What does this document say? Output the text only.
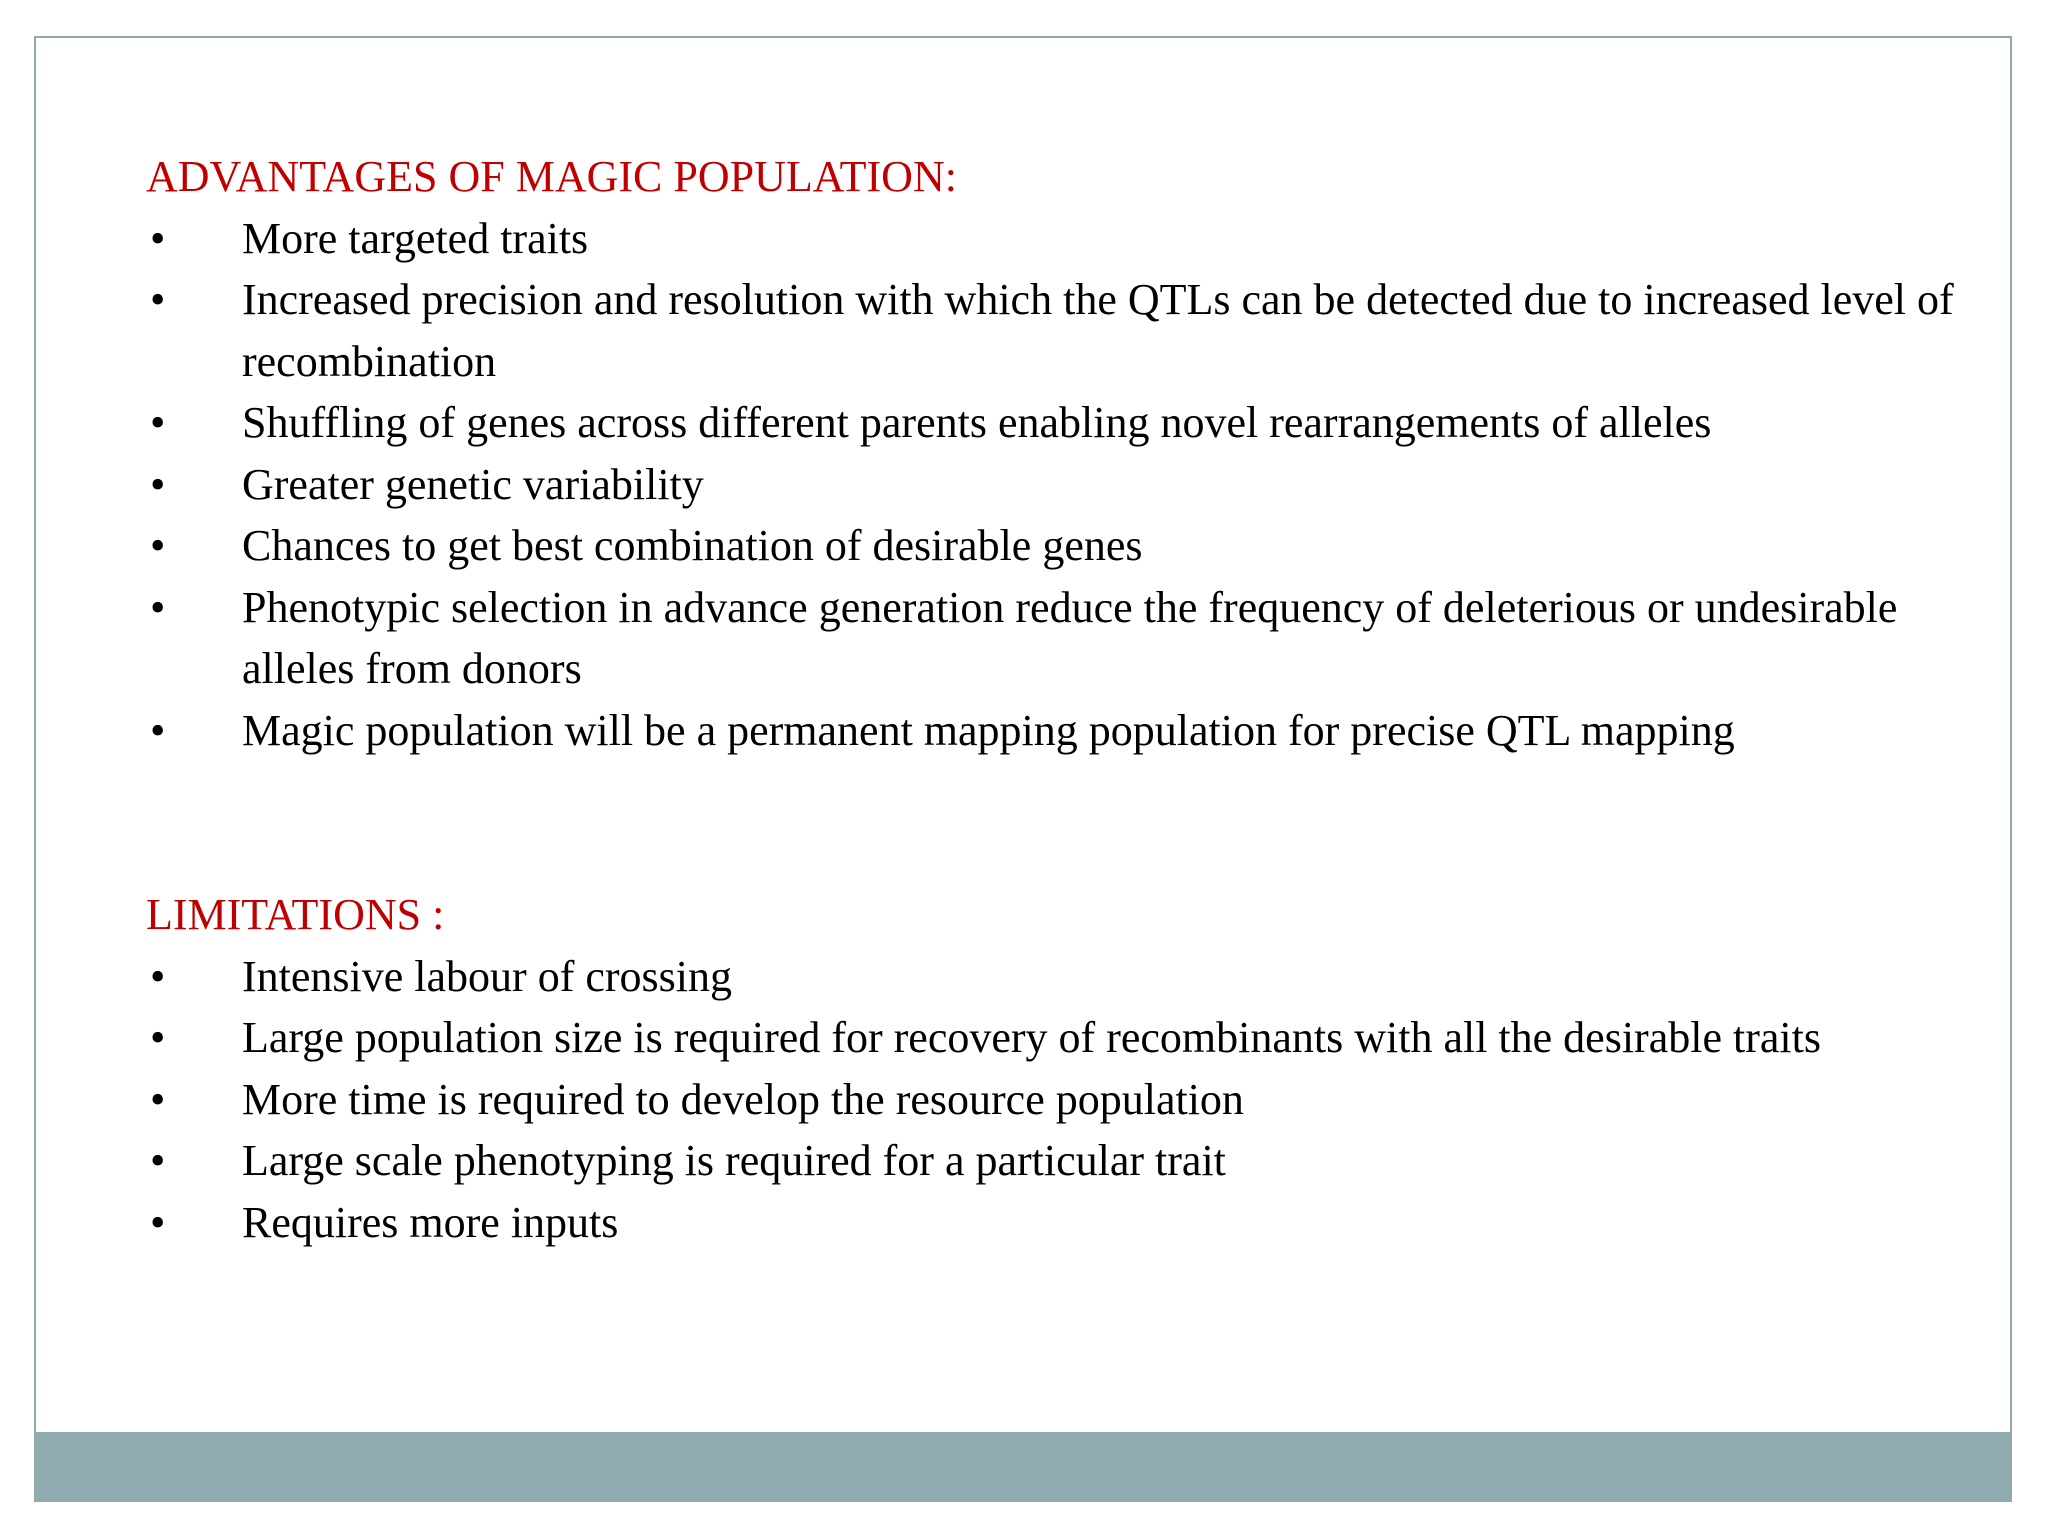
ADVANTAGES OF MAGIC POPULATION:
• More targeted traits
• Increased precision and resolution with which the QTLs can be detected due to increased level of recombination
• Shuffling of genes across different parents enabling novel rearrangements of alleles
• Greater genetic variability
• Chances to get best combination of desirable genes
• Phenotypic selection in advance generation reduce the frequency of deleterious or undesirable alleles from donors
• Magic population will be a permanent mapping population for precise QTL mapping
LIMITATIONS :
• Intensive labour of crossing
• Large population size is required for recovery of recombinants with all the desirable traits
• More time is required to develop the resource population
• Large scale phenotyping is required for a particular trait
• Requires more inputs
